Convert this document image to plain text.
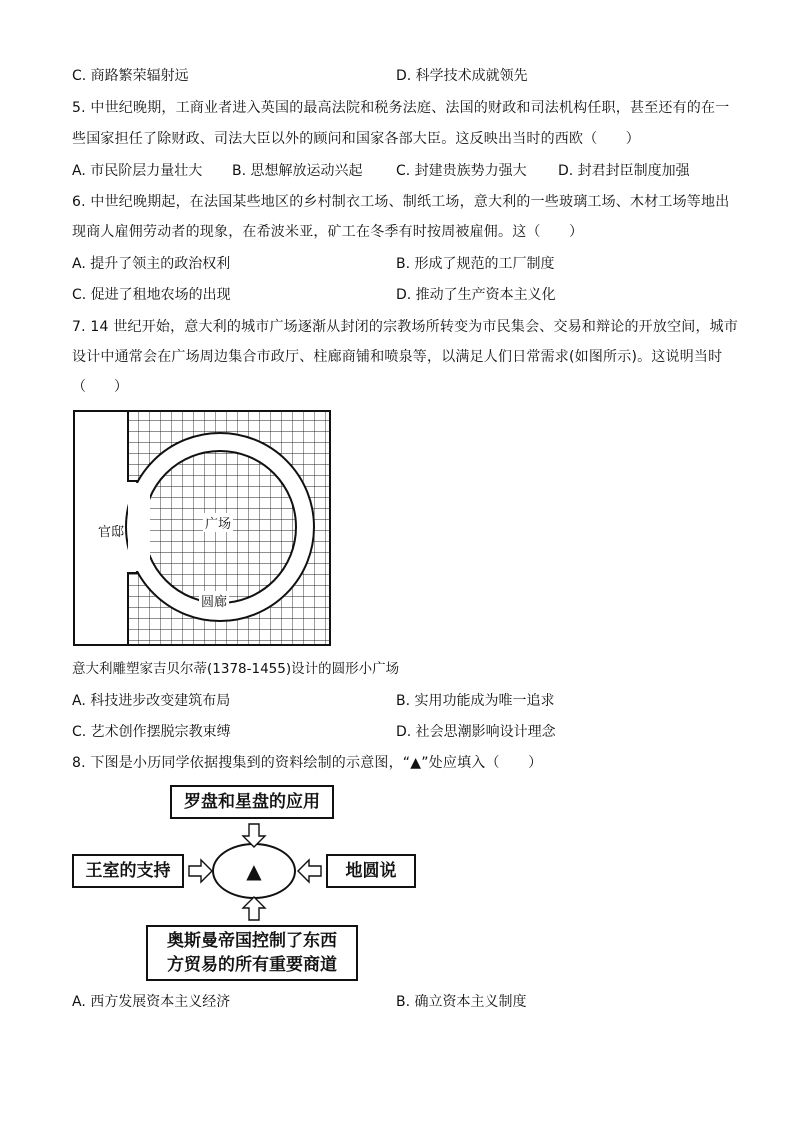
C. 商路繁荣辐射远	D. 科学技术成就领先
5. 中世纪晚期，工商业者进入英国的最高法院和税务法庭、法国的财政和司法机构任职，甚至还有的在一
些国家担任了除财政、司法大臣以外的顾问和国家各部大臣。这反映出当时的西欧（　　）
A. 市民阶层力量壮大 B. 思想解放运动兴起 C. 封建贵族势力强大 D. 封君封臣制度加强
6. 中世纪晚期起，在法国某些地区的乡村制衣工场、制纸工场，意大利的一些玻璃工场、木材工场等地出
现商人雇佣劳动者的现象，在希波米亚，矿工在冬季有时按周被雇佣。这（　　）
A. 提升了领主的政治权利	B. 形成了规范的工厂制度
C. 促进了租地农场的出现	D. 推动了生产资本主义化
7. 14 世纪开始，意大利的城市广场逐渐从封闭的宗教场所转变为市民集会、交易和辩论的开放空间，城市
设计中通常会在广场周边集合市政厅、柱廊商铺和喷泉等，以满足人们日常需求(如图所示)。这说明当时
（　　）
官邸
广场
圆廊
意大利雕塑家吉贝尔蒂(1378-1455)设计的圆形小广场
A. 科技进步改变建筑布局	B. 实用功能成为唯一追求
C. 艺术创作摆脱宗教束缚	D. 社会思潮影响设计理念
8. 下图是小历同学依据搜集到的资料绘制的示意图，“▲”处应填入（　　）
罗盘和星盘的应用
王室的支持	地圆说
奥斯曼帝国控制了东西
方贸易的所有重要商道
▲
A. 西方发展资本主义经济	B. 确立资本主义制度
